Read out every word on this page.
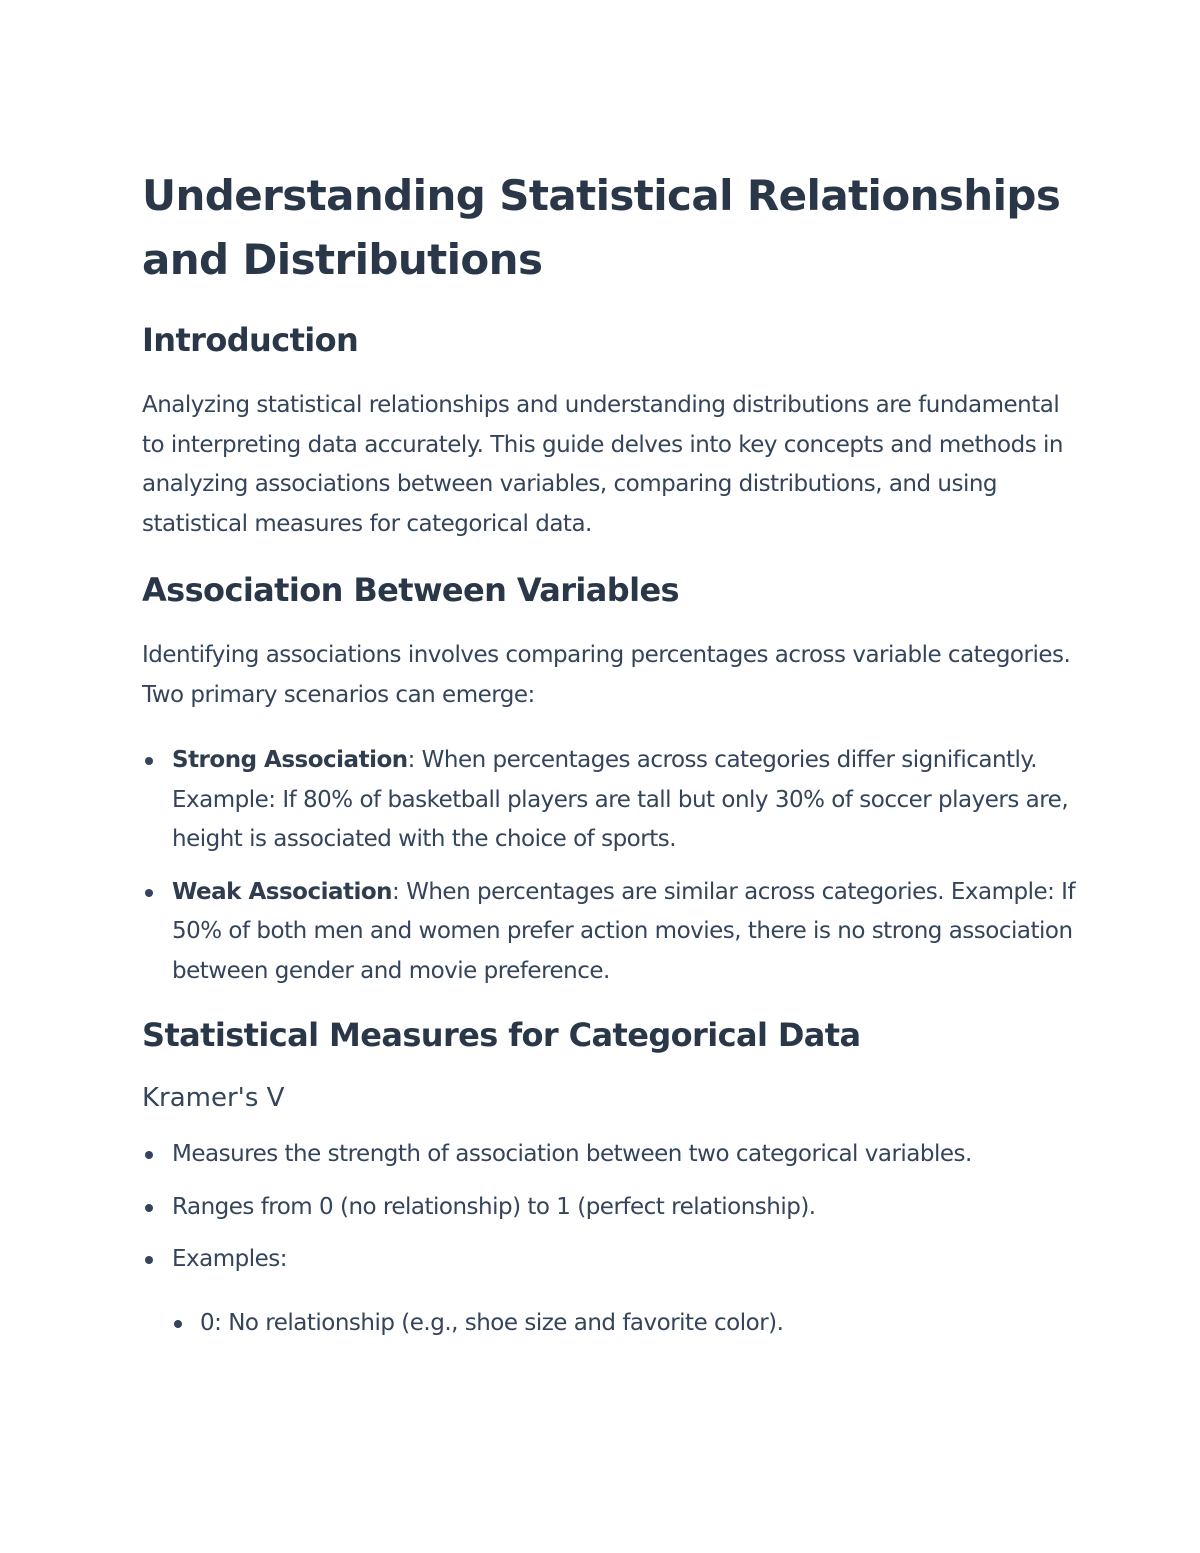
Understanding Statistical Relationships and Distributions
Introduction

Analyzing statistical relationships and understanding distributions are fundamental to interpreting data accurately. This guide delves into key concepts and methods in analyzing associations between variables, comparing distributions, and using statistical measures for categorical data.

Association Between Variables

Identifying associations involves comparing percentages across variable categories. Two primary scenarios can emerge:

Strong Association: When percentages across categories differ significantly. Example: If 80% of basketball players are tall but only 30% of soccer players are, height is associated with the choice of sports.
Weak Association: When percentages are similar across categories. Example: If 50% of both men and women prefer action movies, there is no strong association between gender and movie preference.
Statistical Measures for Categorical Data
Kramer's V
Measures the strength of association between two categorical variables.
Ranges from 0 (no relationship) to 1 (perfect relationship).
Examples:
0: No relationship (e.g., shoe size and favorite color).
